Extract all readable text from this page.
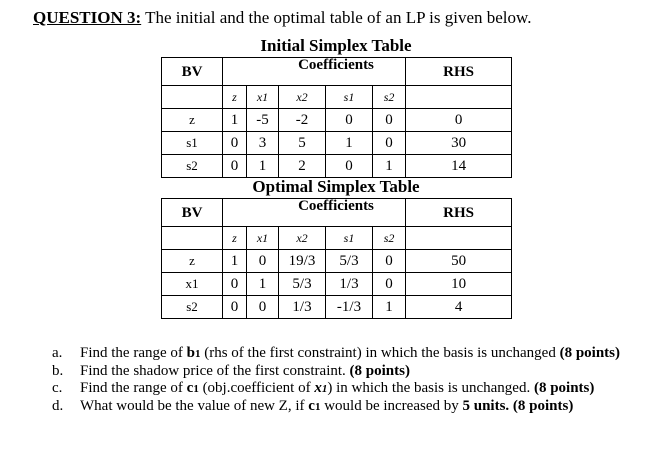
QUESTION 3: The initial and the optimal table of an LP is given below.
Initial Simplex Table
Coefficients
BV						RHS

	z	x1	x2	s1	s2	
z	1	-5	-2	0	0	0
s1	0	3	5	1	0	30
s2	0	1	2	0	1	14
Optimal Simplex Table
Coefficients
BV						RHS

	z	x1	x2	s1	s2	
z	1	0	19/3	5/3	0	50
x1	0	1	5/3	1/3	0	10
s2	0	0	1/3	-1/3	1	4
a. Find the range of b1 (rhs of the first constraint) in which the basis is unchanged (8 points)
b. Find the shadow price of the first constraint. (8 points)
c. Find the range of c1 (obj.coefficient of x1) in which the basis is unchanged. (8 points)
d. What would be the value of new Z, if c1 would be increased by 5 units. (8 points)
